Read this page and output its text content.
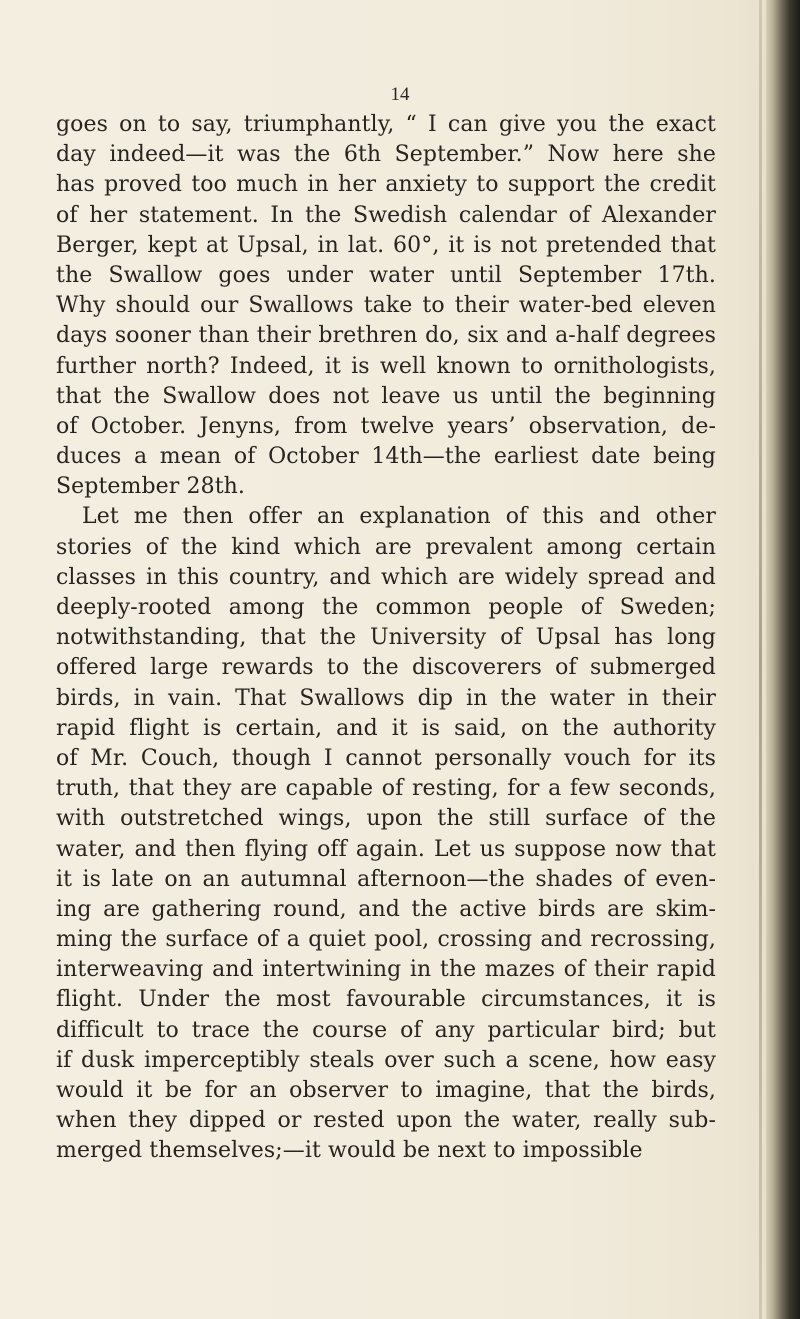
14
goes on to say, triumphantly, “ I can give you the exact
day indeed—it was the 6th September.” Now here she
has proved too much in her anxiety to support the credit
of her statement. In the Swedish calendar of Alexander
Berger, kept at Upsal, in lat. 60°, it is not pretended that
the Swallow goes under water until September 17th.
Why should our Swallows take to their water-bed eleven
days sooner than their brethren do, six and a-half degrees
further north? Indeed, it is well known to ornithologists,
that the Swallow does not leave us until the beginning
of October. Jenyns, from twelve years’ observation, de-
duces a mean of October 14th—the earliest date being
September 28th.
Let me then offer an explanation of this and other
stories of the kind which are prevalent among certain
classes in this country, and which are widely spread and
deeply-rooted among the common people of Sweden;
notwithstanding, that the University of Upsal has long
offered large rewards to the discoverers of submerged
birds, in vain. That Swallows dip in the water in their
rapid flight is certain, and it is said, on the authority
of Mr. Couch, though I cannot personally vouch for its
truth, that they are capable of resting, for a few seconds,
with outstretched wings, upon the still surface of the
water, and then flying off again. Let us suppose now that
it is late on an autumnal afternoon—the shades of even-
ing are gathering round, and the active birds are skim-
ming the surface of a quiet pool, crossing and recrossing,
interweaving and intertwining in the mazes of their rapid
flight. Under the most favourable circumstances, it is
difficult to trace the course of any particular bird; but
if dusk imperceptibly steals over such a scene, how easy
would it be for an observer to imagine, that the birds,
when they dipped or rested upon the water, really sub-
merged themselves;—it would be next to impossible
